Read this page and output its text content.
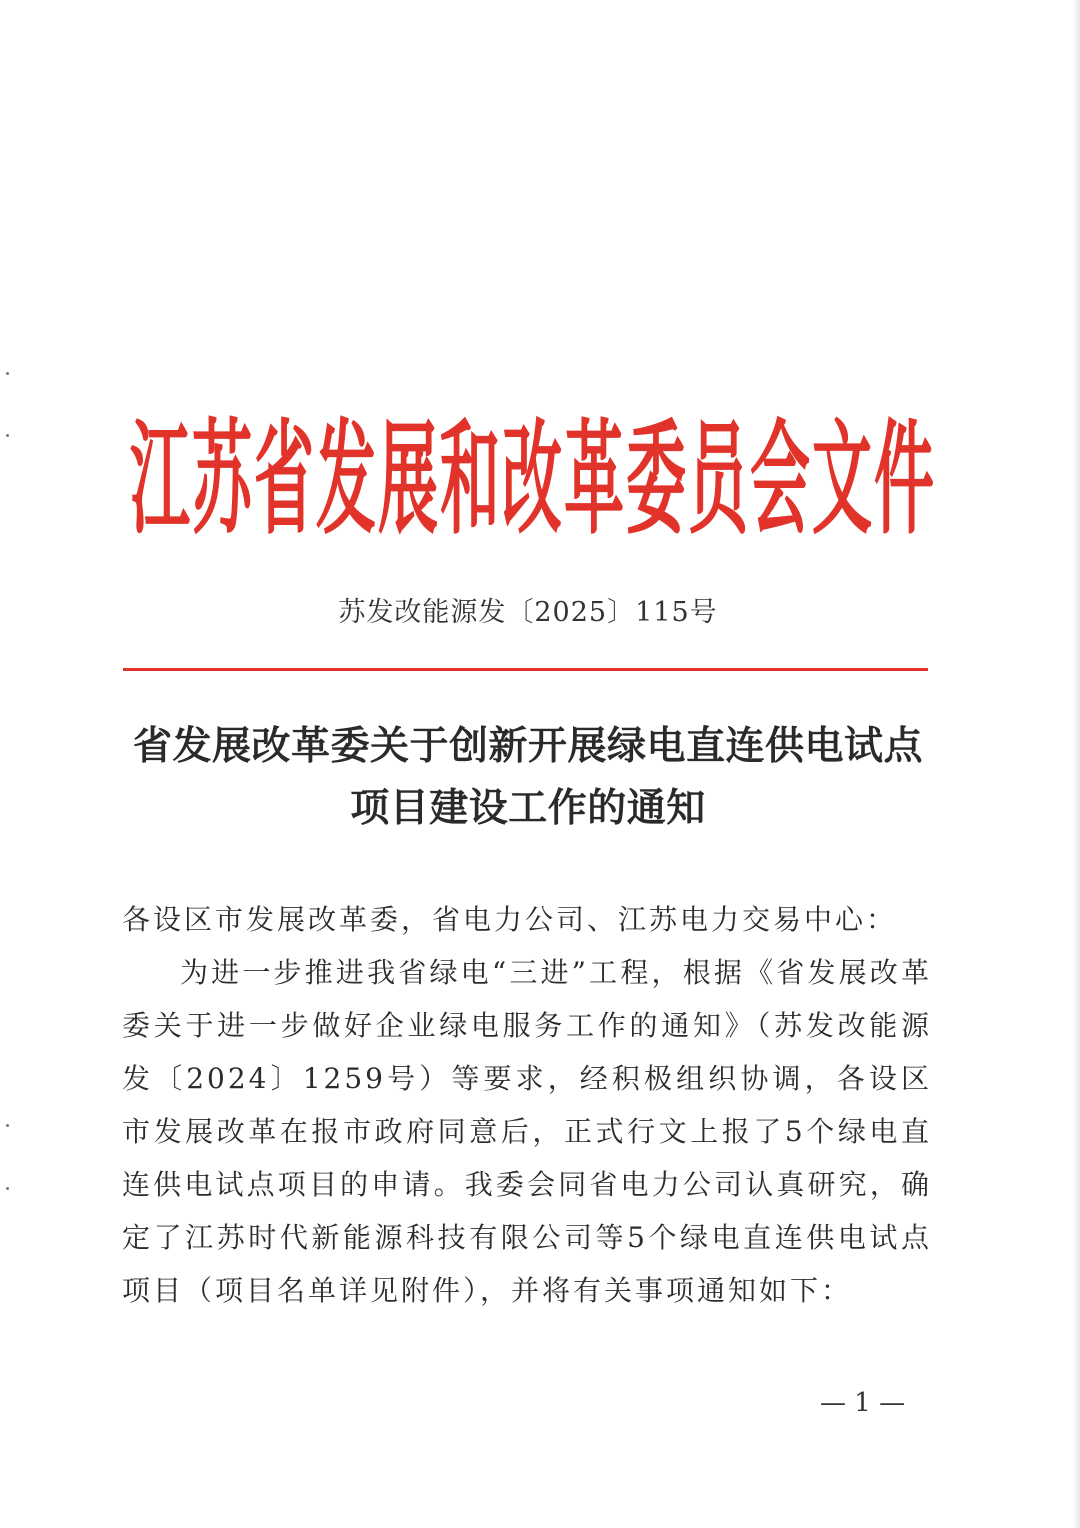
江苏省发展和改革委员会文件
苏发改能源发〔2025〕115号
省发展改革委关于创新开展绿电直连供电试点
项目建设工作的通知
各设区市发展改革委，省电力公司、江苏电力交易中心：
为进一步推进我省绿电“三进”工程，根据《省发展改革委关于进一步做好企业绿电服务工作的通知》（苏发改能源发〔2024〕1259号）等要求，经积极组织协调，各设区市发展改革在报市政府同意后，正式行文上报了5个绿电直连供电试点项目的申请。我委会同省电力公司认真研究，确定了江苏时代新能源科技有限公司等5个绿电直连供电试点项目（项目名单详见附件），并将有关事项通知如下：
— 1 —
